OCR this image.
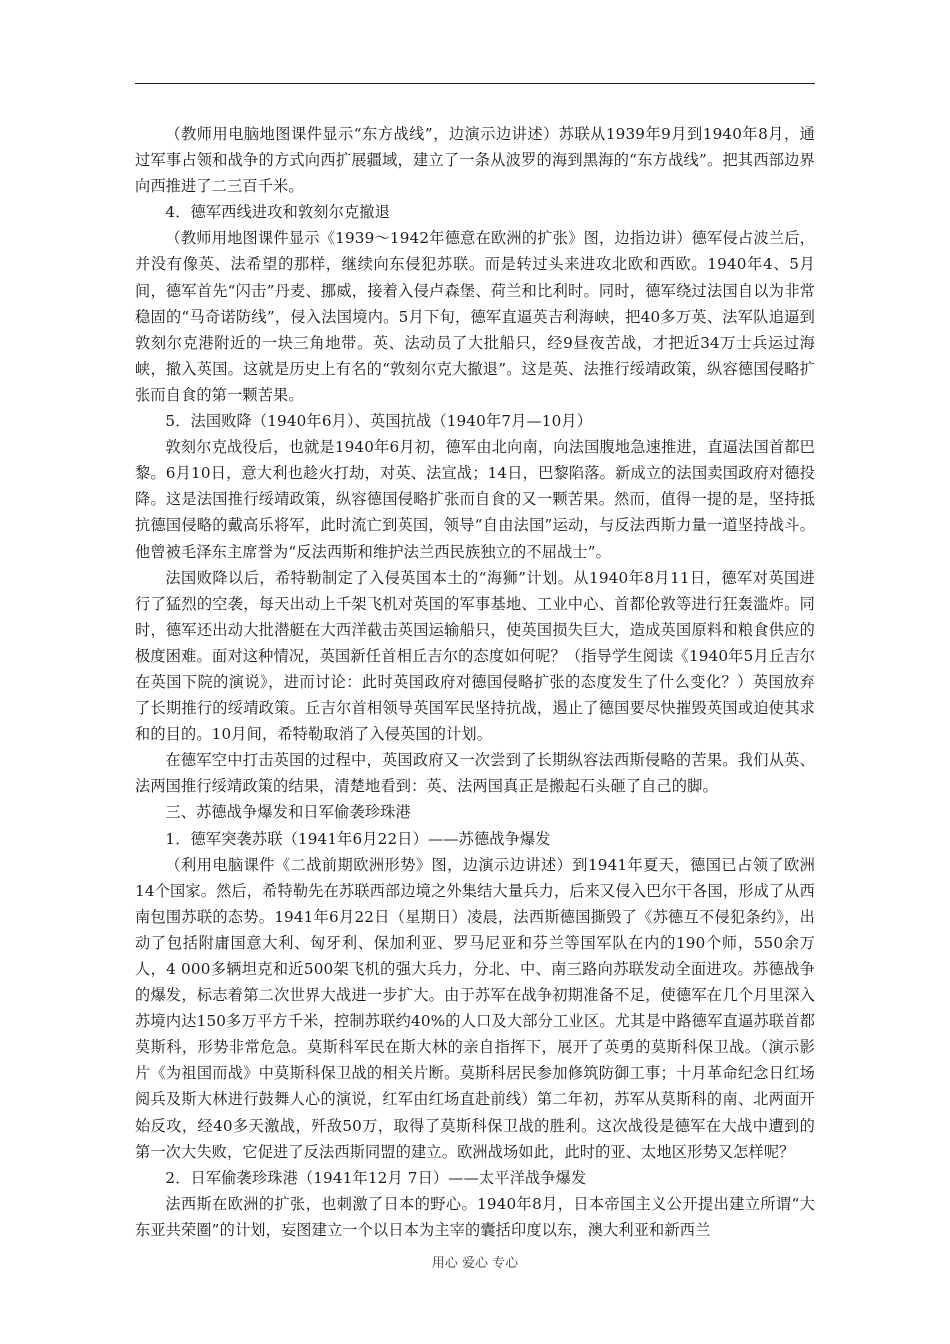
（教师用电脑地图课件显示“东方战线”，边演示边讲述）苏联从1939年9月到1940年8月，通过军事占领和战争的方式向西扩展疆域，建立了一条从波罗的海到黑海的“东方战线”。把其西部边界向西推进了二三百千米。

4．德军西线进攻和敦刻尔克撤退

（教师用地图课件显示《1939～1942年德意在欧洲的扩张》图，边指边讲）德军侵占波兰后，并没有像英、法希望的那样，继续向东侵犯苏联。而是转过头来进攻北欧和西欧。1940年4、5月间，德军首先“闪击”丹麦、挪威，接着入侵卢森堡、荷兰和比利时。同时，德军绕过法国自以为非常稳固的“马奇诺防线”，侵入法国境内。5月下旬，德军直逼英吉利海峡，把40多万英、法军队追逼到敦刻尔克港附近的一块三角地带。英、法动员了大批船只，经9昼夜苦战，才把近34万士兵运过海峡，撤入英国。这就是历史上有名的“敦刻尔克大撤退”。这是英、法推行绥靖政策，纵容德国侵略扩张而自食的第一颗苦果。

5．法国败降（1940年6月）、英国抗战（1940年7月—10月）

敦刻尔克战役后，也就是1940年6月初，德军由北向南，向法国腹地急速推进，直逼法国首都巴黎。6月10日，意大利也趁火打劫，对英、法宣战；14日，巴黎陷落。新成立的法国卖国政府对德投降。这是法国推行绥靖政策，纵容德国侵略扩张而自食的又一颗苦果。然而，值得一提的是，坚持抵抗德国侵略的戴高乐将军，此时流亡到英国，领导“自由法国”运动，与反法西斯力量一道坚持战斗。他曾被毛泽东主席誉为“反法西斯和维护法兰西民族独立的不屈战士”。

法国败降以后，希特勒制定了入侵英国本土的“海狮”计划。从1940年8月11日，德军对英国进行了猛烈的空袭，每天出动上千架飞机对英国的军事基地、工业中心、首都伦敦等进行狂轰滥炸。同时，德军还出动大批潜艇在大西洋截击英国运输船只，使英国损失巨大，造成英国原料和粮食供应的极度困难。面对这种情况，英国新任首相丘吉尔的态度如何呢？（指导学生阅读《1940年5月丘吉尔在英国下院的演说》，进而讨论：此时英国政府对德国侵略扩张的态度发生了什么变化？）英国放弃了长期推行的绥靖政策。丘吉尔首相领导英国军民坚持抗战，遏止了德国要尽快摧毁英国或迫使其求和的目的。10月间，希特勒取消了入侵英国的计划。

在德军空中打击英国的过程中，英国政府又一次尝到了长期纵容法西斯侵略的苦果。我们从英、法两国推行绥靖政策的结果，清楚地看到：英、法两国真正是搬起石头砸了自己的脚。

三、苏德战争爆发和日军偷袭珍珠港

1．德军突袭苏联（1941年6月22日）——苏德战争爆发

（利用电脑课件《二战前期欧洲形势》图，边演示边讲述）到1941年夏天，德国已占领了欧洲14个国家。然后，希特勒先在苏联西部边境之外集结大量兵力，后来又侵入巴尔干各国，形成了从西南包围苏联的态势。1941年6月22日（星期日）凌晨，法西斯德国撕毁了《苏德互不侵犯条约》，出动了包括附庸国意大利、匈牙利、保加利亚、罗马尼亚和芬兰等国军队在内的190个师，550余万人，4 000多辆坦克和近500架飞机的强大兵力，分北、中、南三路向苏联发动全面进攻。苏德战争的爆发，标志着第二次世界大战进一步扩大。由于苏军在战争初期准备不足，使德军在几个月里深入苏境内达150多万平方千米，控制苏联约40%的人口及大部分工业区。尤其是中路德军直逼苏联首都莫斯科，形势非常危急。莫斯科军民在斯大林的亲自指挥下，展开了英勇的莫斯科保卫战。（演示影片《为祖国而战》中莫斯科保卫战的相关片断。莫斯科居民参加修筑防御工事；十月革命纪念日红场阅兵及斯大林进行鼓舞人心的演说，红军由红场直赴前线）第二年初，苏军从莫斯科的南、北两面开始反攻，经40多天激战，歼敌50万，取得了莫斯科保卫战的胜利。这次战役是德军在大战中遭到的第一次大失败，它促进了反法西斯同盟的建立。欧洲战场如此，此时的亚、太地区形势又怎样呢？

2．日军偷袭珍珠港（1941年12月 7日）——太平洋战争爆发

法西斯在欧洲的扩张，也刺激了日本的野心。1940年8月，日本帝国主义公开提出建立所谓“大东亚共荣圈”的计划，妄图建立一个以日本为主宰的囊括印度以东，澳大利亚和新西兰

用心 爱心 专心
